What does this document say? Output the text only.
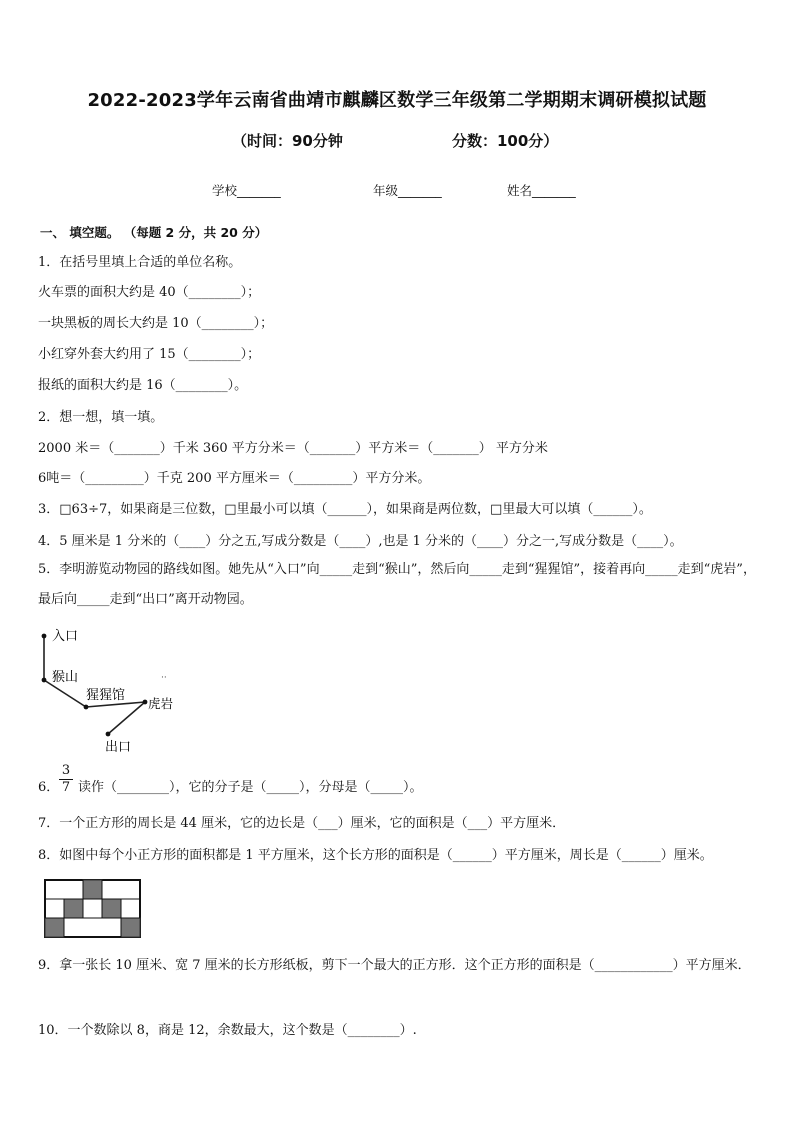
2022-2023学年云南省曲靖市麒麟区数学三年级第二学期期末调研模拟试题
（时间：90分钟	分数：100分）
学校_______	年级_______	姓名_______
一、 填空题。 （每题 2 分，共 20 分）
1．在括号里填上合适的单位名称。
火车票的面积大约是 40（________）；
一块黑板的周长大约是 10（________）；
小红穿外套大约用了 15（________）；
报纸的面积大约是 16（________）。
2．想一想，填一填。
2000 米＝（_______）千米 360 平方分米＝（_______）平方米＝（_______） 平方分米
6吨＝（_________）千克 200 平方厘米＝（_________）平方分米。
3．□63÷7，如果商是三位数，□里最小可以填（______），如果商是两位数，□里最大可以填（______）。
4．5 厘米是 1 分米的（____）分之五,写成分数是（____）,也是 1 分米的（____）分之一,写成分数是（____）。
5．李明游览动物园的路线如图。她先从“入口”向_____走到“猴山”，然后向_____走到“猩猩馆”，接着再向_____走到“虎岩”，最后向_____走到“出口”离开动物园。
入口
猴山
猩猩馆
虎岩
出口
··
6． $\frac{3}{7}$ 读作（________），它的分子是（_____），分母是（_____）。
7．一个正方形的周长是 44 厘米，它的边长是（___）厘米，它的面积是（___）平方厘米．
8．如图中每个小正方形的面积都是 1 平方厘米，这个长方形的面积是（______）平方厘米，周长是（______）厘米。
9．拿一张长 10 厘米、宽 7 厘米的长方形纸板，剪下一个最大的正方形．这个正方形的面积是（____________）平方厘米．
10．一个数除以 8，商是 12，余数最大，这个数是（________）.
